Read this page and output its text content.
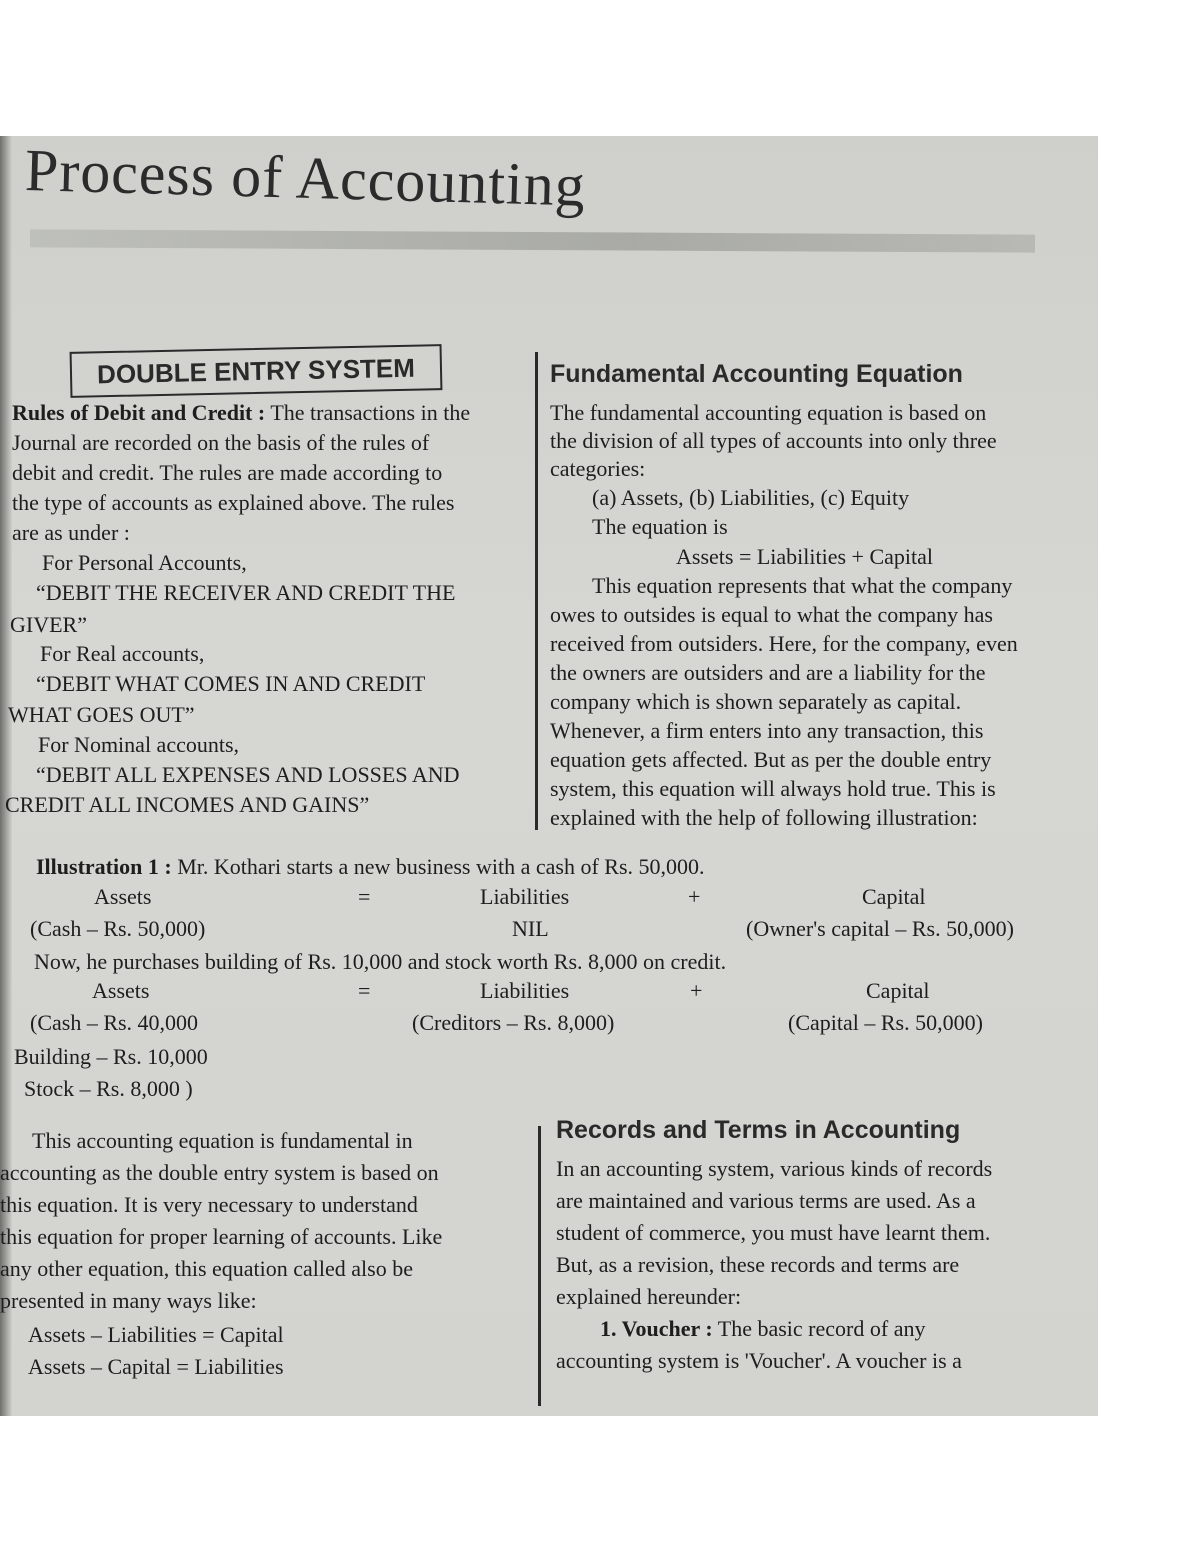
Process of Accounting
DOUBLE ENTRY SYSTEM
Rules of Debit and Credit : The transactions in the
Journal are recorded on the basis of the rules of
debit and credit. The rules are made according to
the type of accounts as explained above. The rules
are as under :
For Personal Accounts,
“DEBIT THE RECEIVER AND CREDIT THE
GIVER”
For Real accounts,
“DEBIT WHAT COMES IN AND CREDIT
WHAT GOES OUT”
For Nominal accounts,
“DEBIT ALL EXPENSES AND LOSSES AND
CREDIT ALL INCOMES AND GAINS”
Fundamental Accounting Equation
The fundamental accounting equation is based on
the division of all types of accounts into only three
categories:
(a) Assets, (b) Liabilities, (c) Equity
The equation is
Assets = Liabilities + Capital
This equation represents that what the company
owes to outsides is equal to what the company has
received from outsiders. Here, for the company, even
the owners are outsiders and are a liability for the
company which is shown separately as capital.
Whenever, a firm enters into any transaction, this
equation gets affected. But as per the double entry
system, this equation will always hold true. This is
explained with the help of following illustration:
Illustration 1 : Mr. Kothari starts a new business with a cash of Rs. 50,000.
Assets	=	Liabilities	+	Capital
(Cash – Rs. 50,000)	NIL	(Owner's capital – Rs. 50,000)
Now, he purchases building of Rs. 10,000 and stock worth Rs. 8,000 on credit.
Assets	=	Liabilities	+	Capital
(Cash – Rs. 40,000	(Creditors – Rs. 8,000)	(Capital – Rs. 50,000)
Building – Rs. 10,000
Stock – Rs. 8,000 )
This accounting equation is fundamental in
accounting as the double entry system is based on
this equation. It is very necessary to understand
this equation for proper learning of accounts. Like
any other equation, this equation called also be
presented in many ways like:
Assets – Liabilities = Capital
Assets – Capital = Liabilities
Records and Terms in Accounting
In an accounting system, various kinds of records
are maintained and various terms are used. As a
student of commerce, you must have learnt them.
But, as a revision, these records and terms are
explained hereunder:
1. Voucher : The basic record of any
accounting system is 'Voucher'. A voucher is a
